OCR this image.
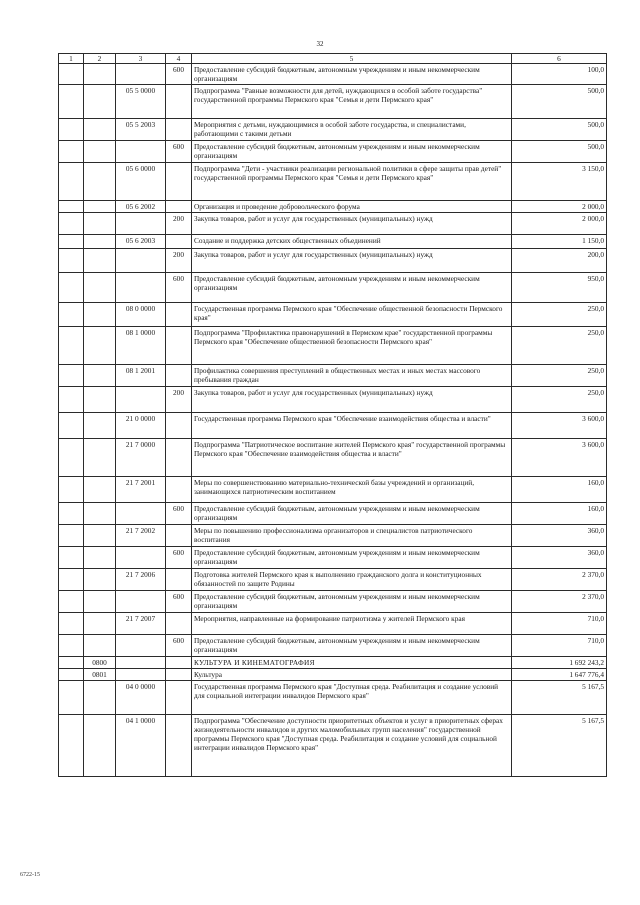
32
1	2	3	4	5	6
			600	Предоставление субсидий бюджетным, автономным учреждениям и иным некоммерческим организациям	100,0
		05 5 0000		Подпрограмма "Равные возможности для детей, нуждающихся в особой заботе государства" государственной программы Пермского края "Семья и дети Пермского края"	500,0
		05 5 2003		Мероприятия с детьми, нуждающимися в особой заботе государства, и специалистами, работающими с такими детьми	500,0
			600	Предоставление субсидий бюджетным, автономным учреждениям и иным некоммерческим организациям	500,0
		05 6 0000		Подпрограмма "Дети - участники реализации региональной политики в сфере защиты прав детей" государственной программы Пермского края "Семья и дети Пермского края"	3 150,0
		05 6 2002		Организация и проведение добровольческого форума	2 000,0
			200	Закупка товаров, работ и услуг для государственных (муниципальных) нужд	2 000,0
		05 6 2003		Создание и поддержка детских общественных объединений	1 150,0
			200	Закупка товаров, работ и услуг для государственных (муниципальных) нужд	200,0
			600	Предоставление субсидий бюджетным, автономным учреждениям и иным некоммерческим организациям	950,0
		08 0 0000		Государственная программа Пермского края "Обеспечение общественной безопасности Пермского края"	250,0
		08 1 0000		Подпрограмма "Профилактика правонарушений в Пермском крае" государственной программы Пермского края "Обеспечение общественной безопасности Пермского края"	250,0
		08 1 2001		Профилактика совершения преступлений в общественных местах и иных местах массового пребывания граждан	250,0
			200	Закупка товаров, работ и услуг для государственных (муниципальных) нужд	250,0
		21 0 0000		Государственная программа Пермского края "Обеспечение взаимодействия общества и власти"	3 600,0
		21 7 0000		Подпрограмма "Патриотическое воспитание жителей Пермского края" государственной программы Пермского края "Обеспечение взаимодействия общества и власти"	3 600,0
		21 7 2001		Меры по совершенствованию материально-технической базы учреждений и организаций, занимающихся патриотическим воспитанием	160,0
			600	Предоставление субсидий бюджетным, автономным учреждениям и иным некоммерческим организациям	160,0
		21 7 2002		Меры по повышению профессионализма организаторов и специалистов патриотического воспитания	360,0
			600	Предоставление субсидий бюджетным, автономным учреждениям и иным некоммерческим организациям	360,0
		21 7 2006		Подготовка жителей Пермского края к выполнению гражданского долга и конституционных обязанностей по защите Родины	2 370,0
			600	Предоставление субсидий бюджетным, автономным учреждениям и иным некоммерческим организациям	2 370,0
		21 7 2007		Мероприятия, направленные на формирование патриотизма у жителей Пермского края	710,0
			600	Предоставление субсидий бюджетным, автономным учреждениям и иным некоммерческим организациям	710,0
	0800			КУЛЬТУРА И КИНЕМАТОГРАФИЯ	1 692 243,2
	0801			Культура	1 647 776,4
		04 0 0000		Государственная программа Пермского края "Доступная среда. Реабилитация и создание условий для социальной интеграции инвалидов Пермского края"	5 167,5
		04 1 0000		Подпрограмма "Обеспечение доступности приоритетных объектов и услуг в приоритетных сферах жизнедеятельности инвалидов и других маломобильных групп населения" государственной программы Пермского края "Доступная среда. Реабилитация и создание условий для социальной интеграции инвалидов Пермского края"	5 167,5
6722-15
